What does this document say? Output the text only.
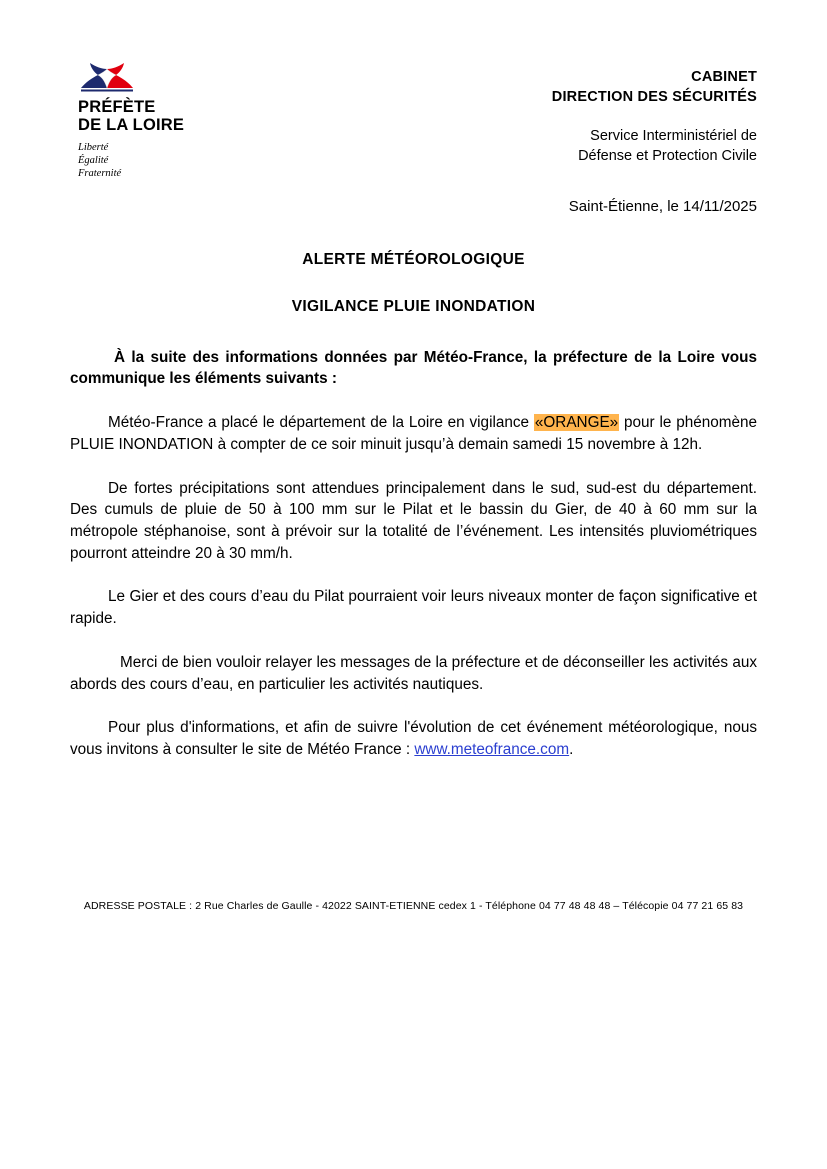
PRÉFÈTE
DE LA LOIRE
Liberté
Égalité
Fraternité
CABINET
DIRECTION DES SÉCURITÉS
Service Interministériel de
Défense et Protection Civile
Saint-Étienne, le 14/11/2025
ALERTE MÉTÉOROLOGIQUE
VIGILANCE PLUIE INONDATION

À la suite des informations données par Météo-France, la préfecture de la Loire vous communique les éléments suivants :

Météo-France a placé le département de la Loire en vigilance «ORANGE» pour le phénomène PLUIE INONDATION à compter de ce soir minuit jusqu’à demain samedi 15 novembre à 12h.

De fortes précipitations sont attendues principalement dans le sud, sud-est du département. Des cumuls de pluie de 50 à 100 mm sur le Pilat et le bassin du Gier, de 40 à 60 mm sur la métropole stéphanoise, sont à prévoir sur la totalité de l’événement. Les intensités pluviométriques pourront atteindre 20 à 30 mm/h.

Le Gier et des cours d’eau du Pilat pourraient voir leurs niveaux monter de façon significative et rapide.

Merci de bien vouloir relayer les messages de la préfecture et de déconseiller les activités aux abords des cours d’eau, en particulier les activités nautiques.

Pour plus d'informations, et afin de suivre l'évolution de cet événement météorologique, nous vous invitons à consulter le site de Météo France : www.meteofrance.com.

ADRESSE POSTALE : 2 Rue Charles de Gaulle - 42022 SAINT-ETIENNE cedex 1 - Téléphone 04 77 48 48 48 – Télécopie 04 77 21 65 83
